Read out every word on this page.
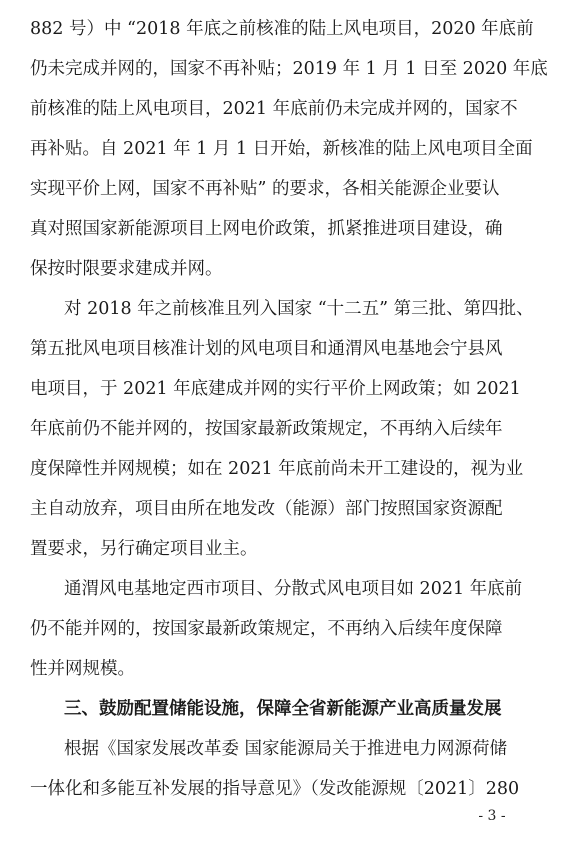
882 号）中 “2018 年底之前核准的陆上风电项目，2020 年底前
仍未完成并网的，国家不再补贴；2019 年 1 月 1 日至 2020 年底
前核准的陆上风电项目，2021 年底前仍未完成并网的，国家不
再补贴。自 2021 年 1 月 1 日开始，新核准的陆上风电项目全面
实现平价上网，国家不再补贴” 的要求，各相关能源企业要认
真对照国家新能源项目上网电价政策，抓紧推进项目建设，确
保按时限要求建成并网。
对 2018 年之前核准且列入国家 “十二五” 第三批、第四批、
第五批风电项目核准计划的风电项目和通渭风电基地会宁县风
电项目，于 2021 年底建成并网的实行平价上网政策；如 2021
年底前仍不能并网的，按国家最新政策规定，不再纳入后续年
度保障性并网规模；如在 2021 年底前尚未开工建设的，视为业
主自动放弃，项目由所在地发改（能源）部门按照国家资源配
置要求，另行确定项目业主。
通渭风电基地定西市项目、分散式风电项目如 2021 年底前
仍不能并网的，按国家最新政策规定，不再纳入后续年度保障
性并网规模。
三、鼓励配置储能设施，保障全省新能源产业高质量发展
根据《国家发展改革委 国家能源局关于推进电力网源荷储
一体化和多能互补发展的指导意见》（发改能源规〔2021〕280
- 3 -
